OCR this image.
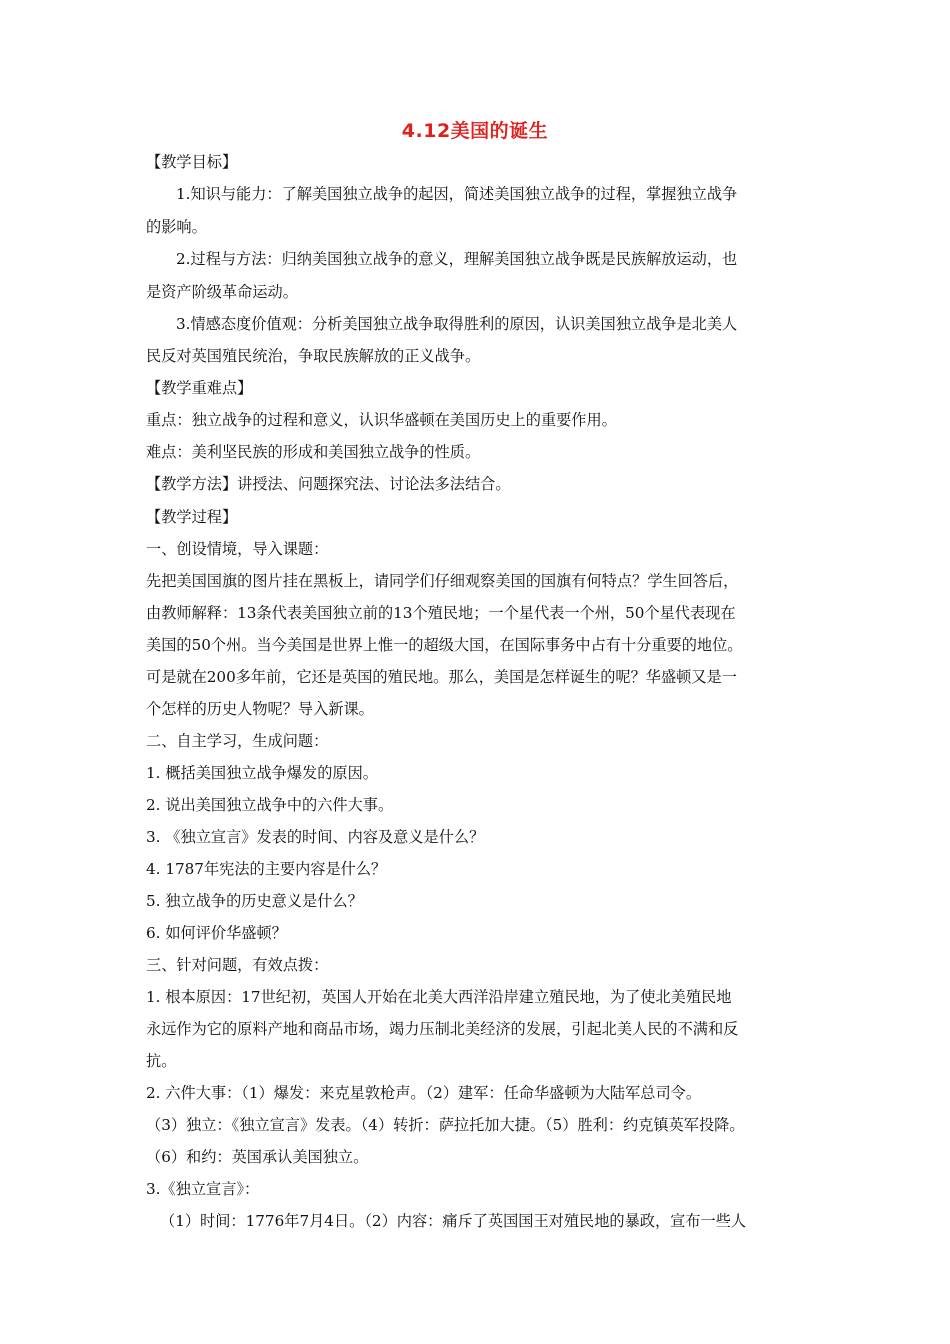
4.12美国的诞生
【教学目标】
1.知识与能力：了解美国独立战争的起因，简述美国独立战争的过程，掌握独立战争
的影响。
2.过程与方法：归纳美国独立战争的意义，理解美国独立战争既是民族解放运动，也
是资产阶级革命运动。
3.情感态度价值观：分析美国独立战争取得胜利的原因，认识美国独立战争是北美人
民反对英国殖民统治，争取民族解放的正义战争。
【教学重难点】
重点：独立战争的过程和意义，认识华盛顿在美国历史上的重要作用。
难点：美利坚民族的形成和美国独立战争的性质。
【教学方法】讲授法、问题探究法、讨论法多法结合。
【教学过程】
一、创设情境，导入课题：
先把美国国旗的图片挂在黑板上，请同学们仔细观察美国的国旗有何特点？学生回答后，
由教师解释：13条代表美国独立前的13个殖民地；一个星代表一个州，50个星代表现在
美国的50个州。当今美国是世界上惟一的超级大国，在国际事务中占有十分重要的地位。
可是就在200多年前，它还是英国的殖民地。那么，美国是怎样诞生的呢？华盛顿又是一
个怎样的历史人物呢？导入新课。
二、自主学习，生成问题：
1. 概括美国独立战争爆发的原因。
2. 说出美国独立战争中的六件大事。
3. 《独立宣言》发表的时间、内容及意义是什么？
4. 1787年宪法的主要内容是什么？
5. 独立战争的历史意义是什么？
6. 如何评价华盛顿？
三、针对问题，有效点拨：
1. 根本原因：17世纪初，英国人开始在北美大西洋沿岸建立殖民地，为了使北美殖民地
永远作为它的原料产地和商品市场，竭力压制北美经济的发展，引起北美人民的不满和反
抗。
2. 六件大事：（1）爆发：来克星敦枪声。（2）建军：任命华盛顿为大陆军总司令。
（3）独立：《独立宣言》发表。（4）转折：萨拉托加大捷。（5）胜利：约克镇英军投降。
（6）和约：英国承认美国独立。
3.《独立宣言》：
（1）时间：1776年7月4日。（2）内容：痛斥了英国国王对殖民地的暴政，宣布一些人
